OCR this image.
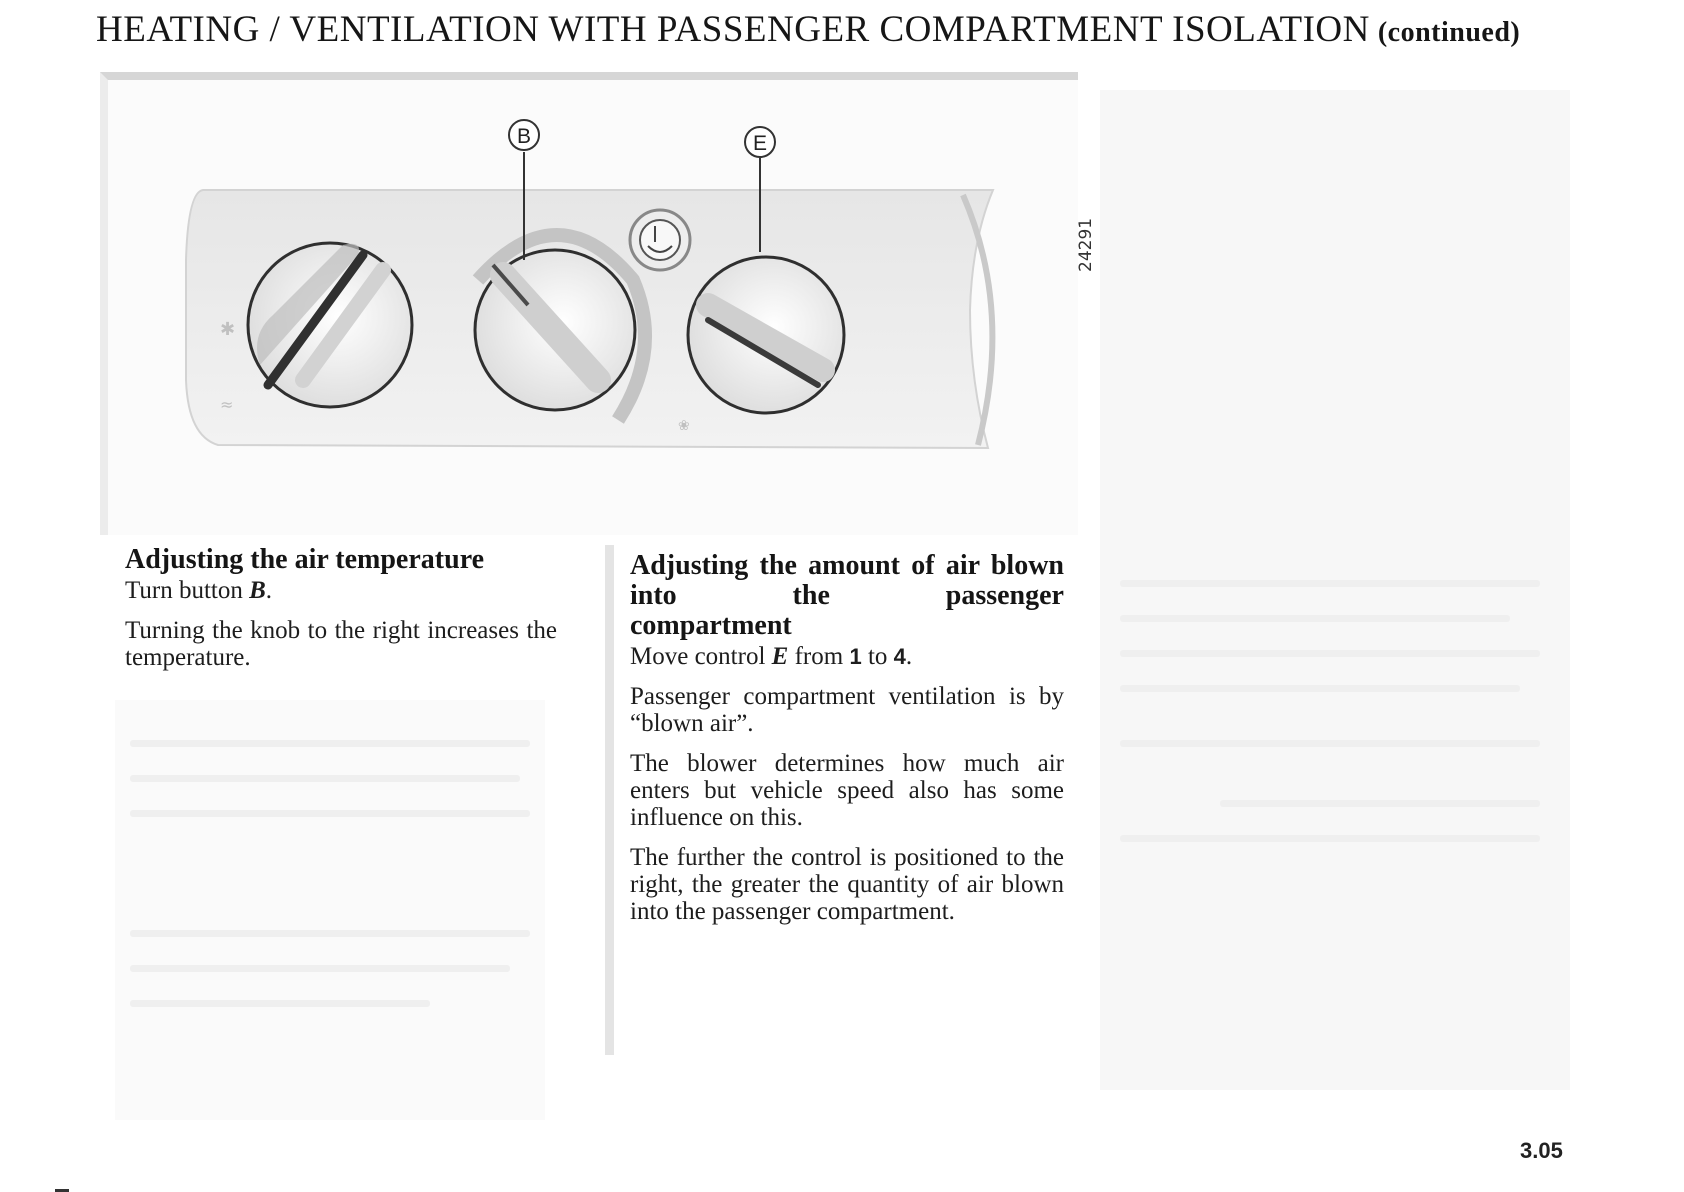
HEATING / VENTILATION WITH PASSENGER COMPARTMENT ISOLATION (continued)
✱
≈
❀
B	E
24291
Adjusting the air temperature

Turn button B.

Turning the knob to the right increases the temperature.

Adjusting the amount of air blown into the passenger
compartment

Move control E from 1 to 4.

Passenger compartment ventilation is by “blown air”.

The blower determines how much air enters but vehicle speed also has some influence on this.

The further the control is positioned to the right, the greater the quantity of air blown into the passenger compartment.

3.05
